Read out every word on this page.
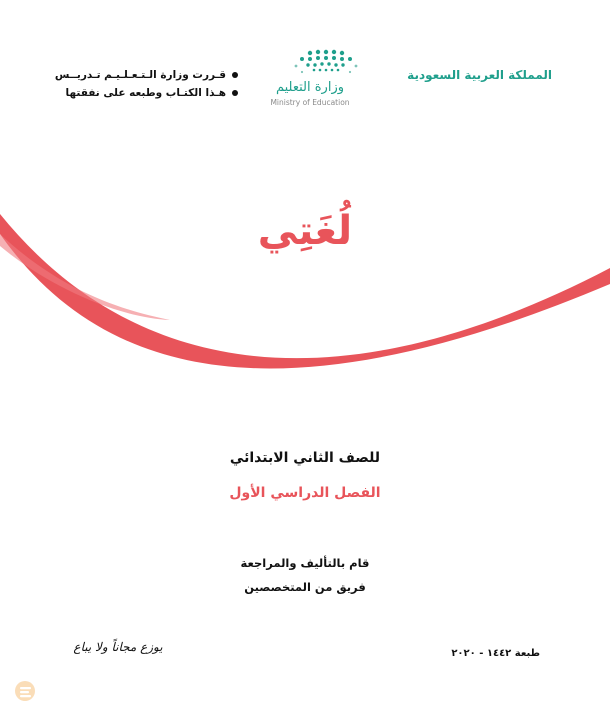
المملكة العربية السعودية
وزارة التعليم
Ministry of Education
قـررت وزارة الـتـعـلـيـم تـدريــس
هـذا الكتـاب وطبعه على نفقتها
لُغَتِي
للصف الثاني الابتدائي
الفصل الدراسي الأول
قام بالتأليف والمراجعة
فريق من المتخصصين
طبعة ١٤٤٢ - ٢٠٢٠
يوزع مجاناً ولا يباع
